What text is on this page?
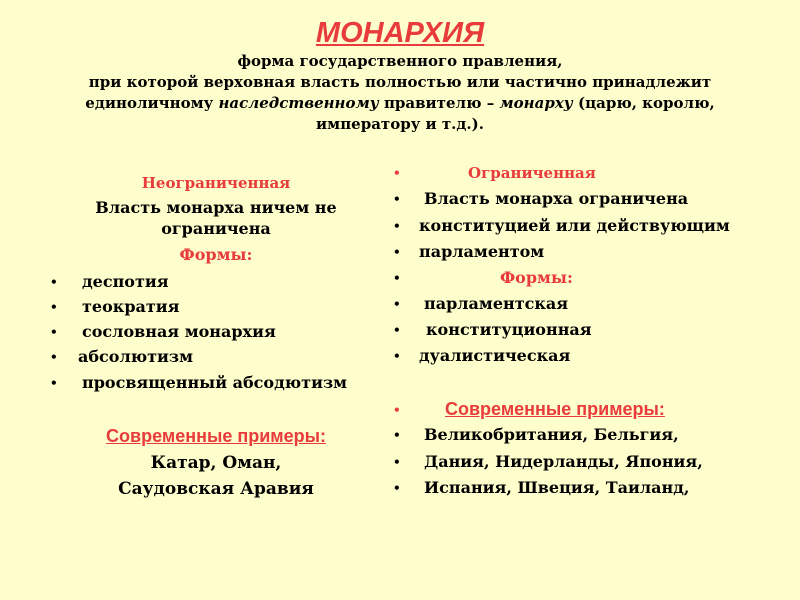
МОНАРХИЯ
форма государственного правления,
при которой верховная власть полностью или частично принадлежит
единоличному наследственному правителю – монарху (царю, королю,
императору и т.д.).
Неограниченная
Власть монарха ничем не
ограничена
Формы:
• деспотия
• теократия
• сословная монархия
• абсолютизм
• просвященный абсодютизм
Современные примеры:
Катар, Оман,
Саудовская Аравия
•	Ограниченная
• Власть монарха ограничена
• конституцией или действующим
• парламентом
•	Формы:
• парламентская
• конституционная
• дуалистическая
• Современные примеры:
• Великобритания, Бельгия,
• Дания, Нидерланды, Япония,
• Испания, Швеция, Таиланд,
